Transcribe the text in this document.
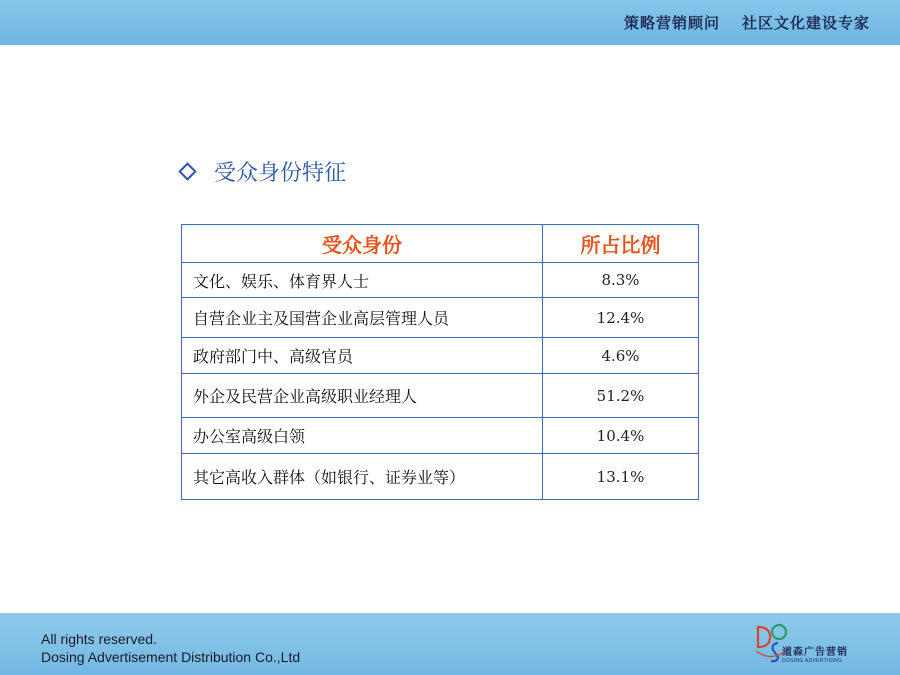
策略营销顾问 社区文化建设专家
受众身份特征
受众身份	所占比例
文化、娱乐、体育界人士	8.3%
自营企业主及国营企业高层管理人员	12.4%
政府部门中、高级官员	4.6%
外企及民营企业高级职业经理人	51.2%
办公室高级白领	10.4%
其它高收入群体（如银行、证券业等）	13.1%
All rights reserved.
Dosing Advertisement Distribution Co.,Ltd	道森广告营销
DOSING ADVERTISING
